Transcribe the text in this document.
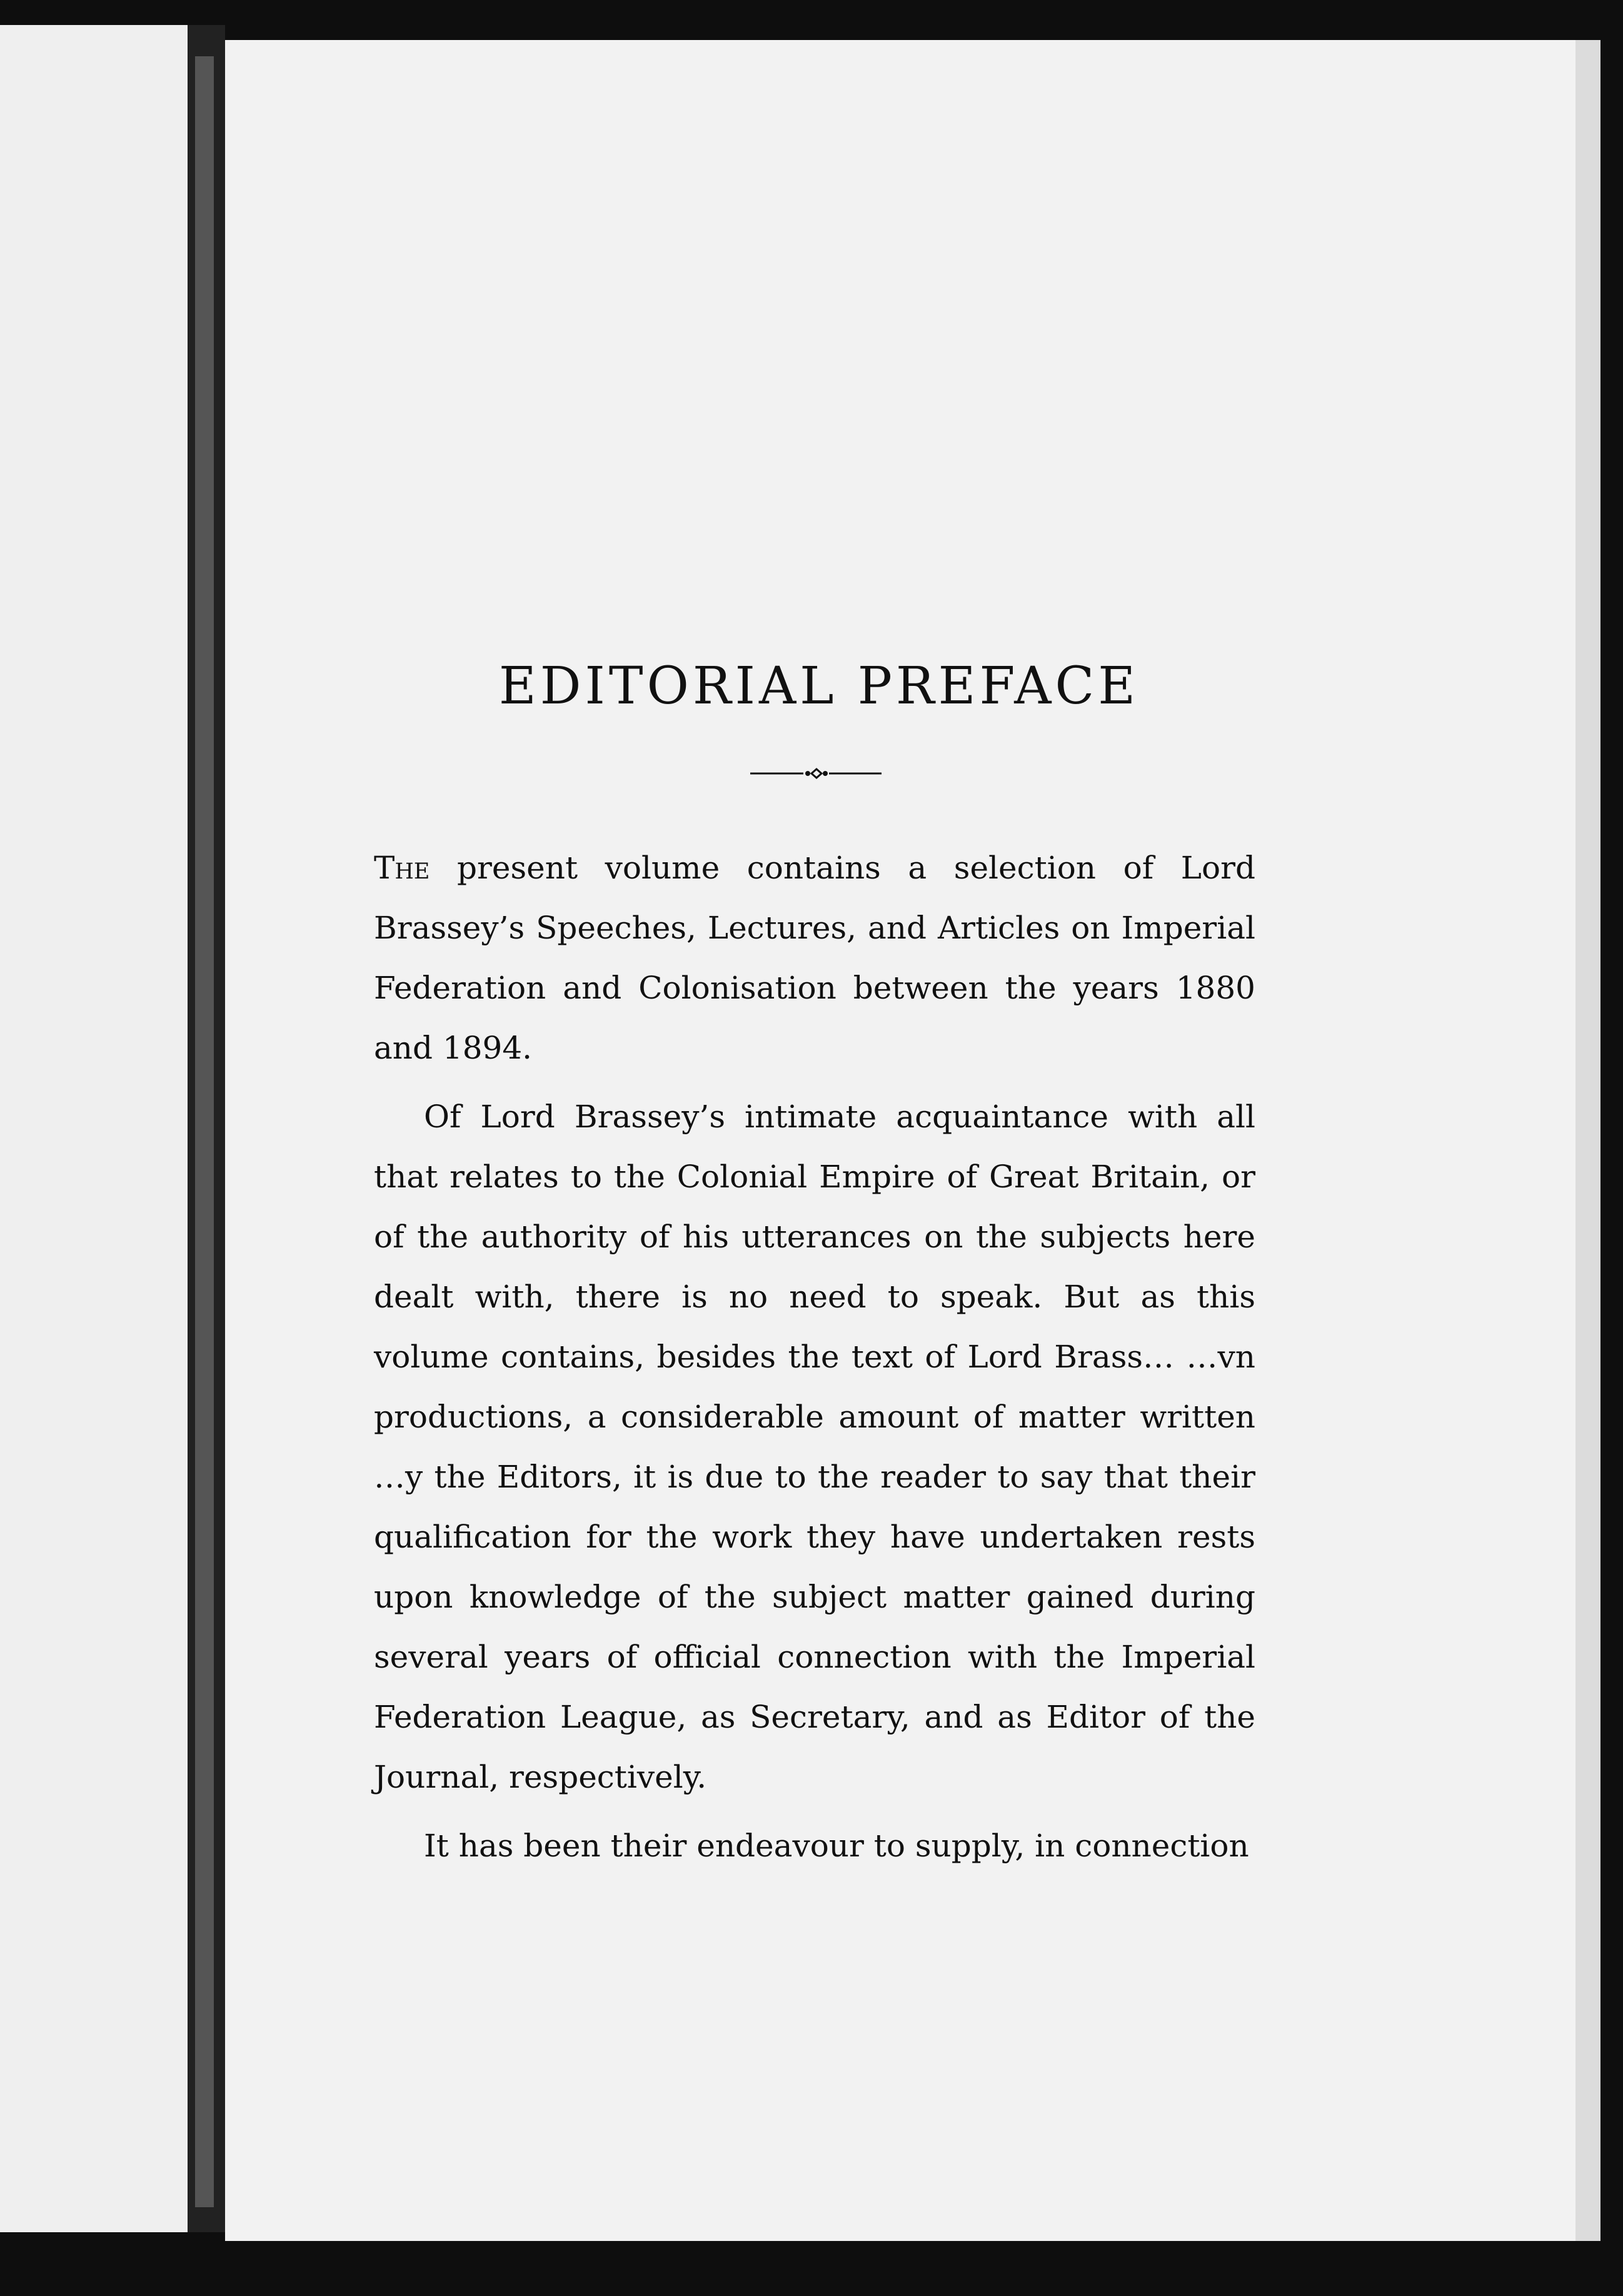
EDITORIAL PREFACE

The present volume contains a selection of Lord Brassey’s Speeches, Lectures, and Articles on Imperial Federation and Colonisation between the years 1880 and 1894.

Of Lord Brassey’s intimate acquaintance with all that relates to the Colonial Empire of Great Britain, or of the authority of his utterances on the subjects here dealt with, there is no need to speak. But as this volume contains, besides the text of Lord Brass… …vn productions, a considerable amount of matter written …y the Editors, it is due to the reader to say that their qualification for the work they have undertaken rests upon knowledge of the subject matter gained during several years of official connection with the Imperial Federation League, as Secretary, and as Editor of the Journal, respectively.

It has been their endeavour to supply, in connection
